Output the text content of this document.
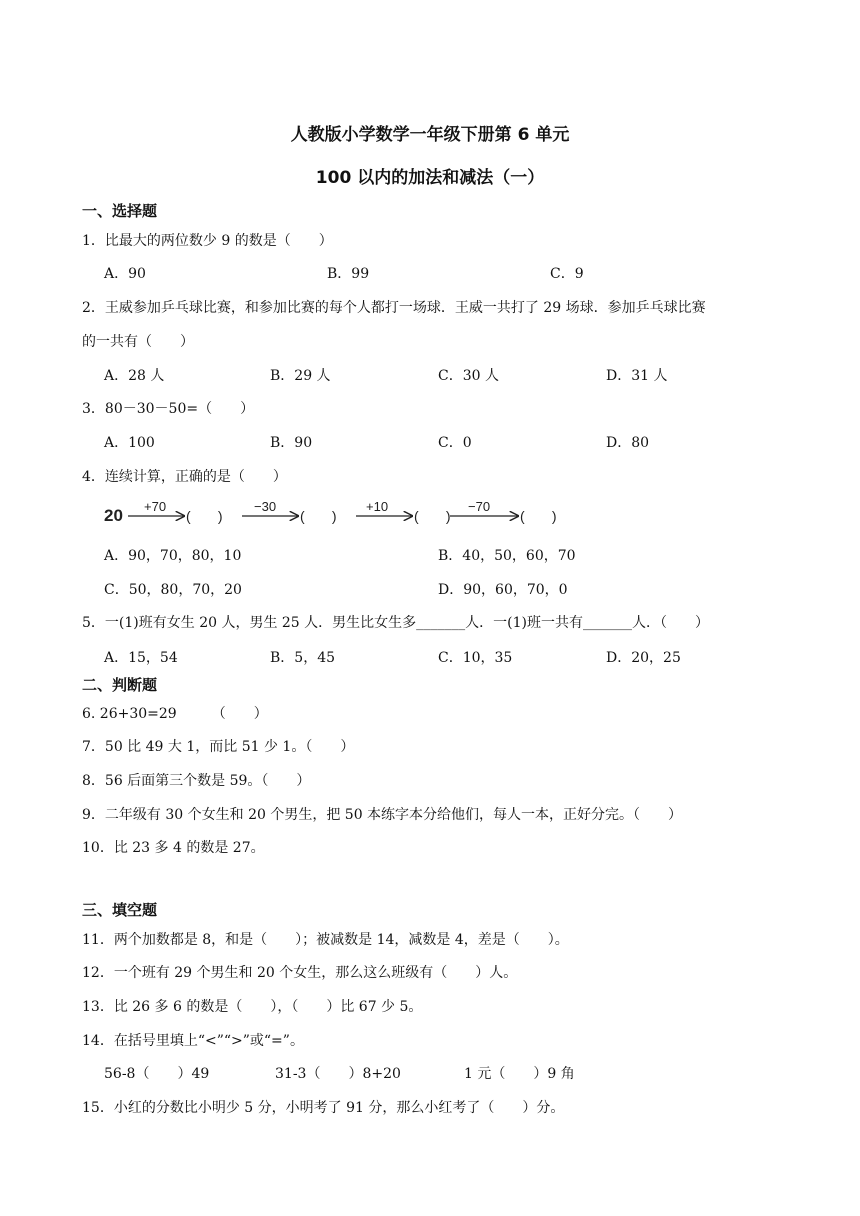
人教版小学数学一年级下册第 6 单元
100 以内的加法和减法（一）
一、选择题
1．比最大的两位数少 9 的数是（　　）
A．90	B．99	C．9
2．王威参加乒乓球比赛，和参加比赛的每个人都打一场球．王威一共打了 29 场球．参加乒乓球比赛
的一共有（　　）
A．28 人	B．29 人	C．30 人	D．31 人
3．80－30－50=（　　）
A．100	B．90	C．0	D．80
4．连续计算，正确的是（　　）
20 +70
(       )
−30
(       )
+10
(       )
−70
(       )
A．90，70，80，10	B．40，50，60，70
C．50，80，70，20	D．90，60，70，0
5．一(1)班有女生 20 人，男生 25 人．男生比女生多_______人．一(1)班一共有_______人．（　　）
A．15，54	B．5，45	C．10，35	D．20，25
二、判断题
6. 26+30=29　　　（　　）
7．50 比 49 大 1，而比 51 少 1。（　　）
8．56 后面第三个数是 59。（　　）
9．二年级有 30 个女生和 20 个男生，把 50 本练字本分给他们，每人一本，正好分完。（　　）
10．比 23 多 4 的数是 27。
三、填空题
11．两个加数都是 8，和是（　　）；被减数是 14，减数是 4，差是（　　）。
12．一个班有 29 个男生和 20 个女生，那么这么班级有（　　）人。
13．比 26 多 6 的数是（　　），（　　）比 67 少 5。
14．在括号里填上“<”“>”或“=”。
56-8（　　）49	31-3（　　）8+20	1 元（　　）9 角
15．小红的分数比小明少 5 分，小明考了 91 分，那么小红考了（　　）分。
